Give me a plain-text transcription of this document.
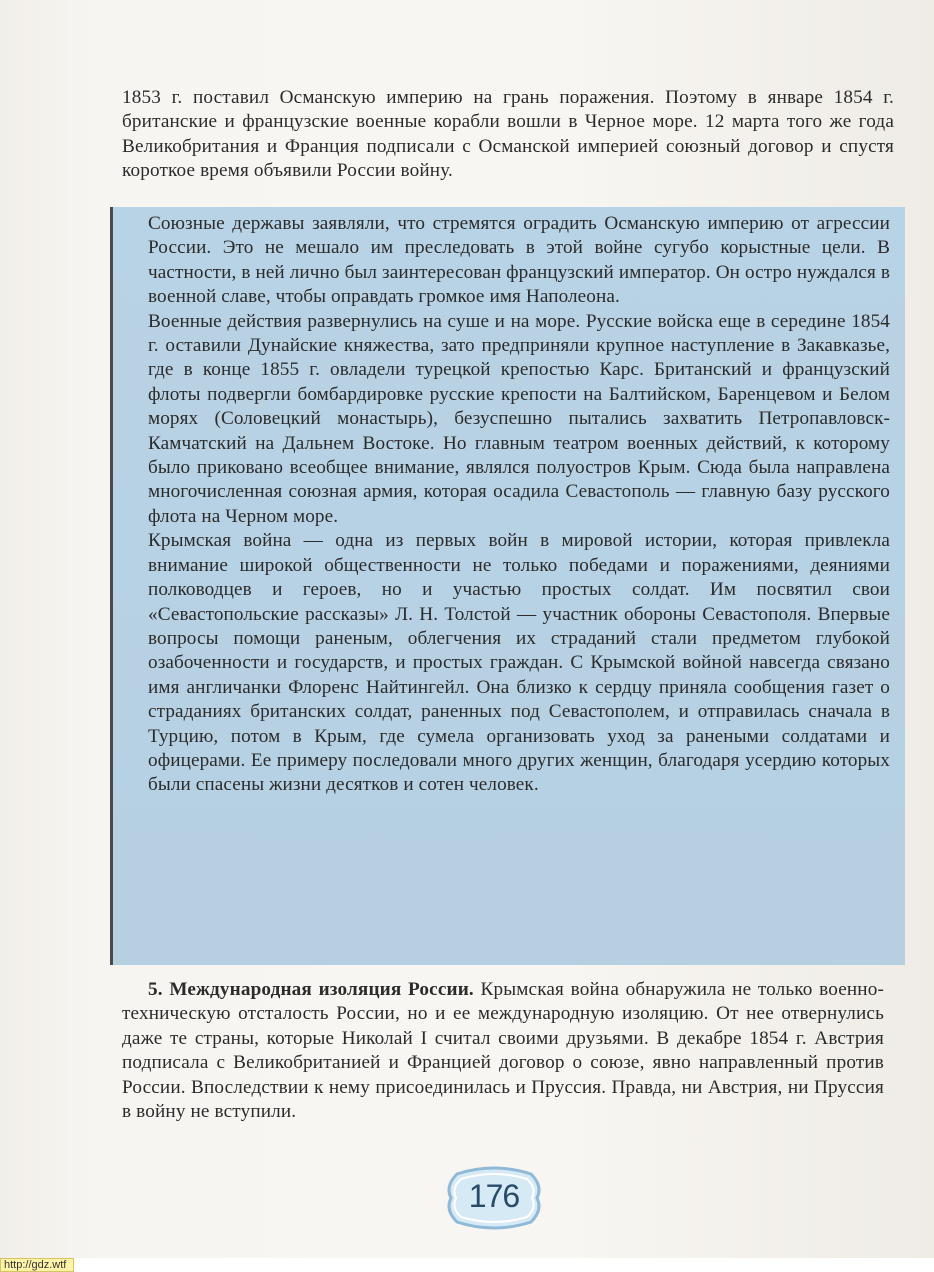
1853 г. поставил Османскую империю на грань поражения. Поэтому в январе 1854 г. британские и французские военные корабли вошли в Черное море. 12 марта того же года Великобритания и Франция подписали с Османской империей союзный договор и спустя короткое время объявили России войну.

Союзные державы заявляли, что стремятся оградить Османскую империю от агрессии России. Это не мешало им преследовать в этой войне сугубо корыстные цели. В частности, в ней лично был заинтересован французский император. Он остро нуждался в военной славе, чтобы оправдать громкое имя Наполеона.

Военные действия развернулись на суше и на море. Русские войска еще в середине 1854 г. оставили Дунайские княжества, зато предприняли крупное наступление в Закавказье, где в конце 1855 г. овладели турецкой крепостью Карс. Британский и французский флоты подвергли бомбардировке русские крепости на Балтийском, Баренцевом и Белом морях (Соловецкий монастырь), безуспешно пытались захватить Петропавловск-Камчатский на Дальнем Востоке. Но главным театром военных действий, к которому было приковано всеобщее внимание, являлся полуостров Крым. Сюда была направлена многочисленная союзная армия, которая осадила Севастополь — главную базу русского флота на Черном море.

Крымская война — одна из первых войн в мировой истории, которая привлекла внимание широкой общественности не только победами и поражениями, деяниями полководцев и героев, но и участью простых солдат. Им посвятил свои «Севастопольские рассказы» Л. Н. Толстой — участник обороны Севастополя. Впервые вопросы помощи раненым, облегчения их страданий стали предметом глубокой озабоченности и государств, и простых граждан. С Крымской войной навсегда связано имя англичанки Флоренс Найтингейл. Она близко к сердцу приняла сообщения газет о страданиях британских солдат, раненных под Севастополем, и отправилась сначала в Турцию, потом в Крым, где сумела организовать уход за ранеными солдатами и офицерами. Ее примеру последовали много других женщин, благодаря усердию которых были спасены жизни десятков и сотен человек.

5. Международная изоляция России. Крымская война обнаружила не только военно-техническую отсталость России, но и ее международную изоляцию. От нее отвернулись даже те страны, которые Николай I считал своими друзьями. В декабре 1854 г. Австрия подписала с Великобританией и Францией договор о союзе, явно направленный против России. Впоследствии к нему присоединилась и Пруссия. Правда, ни Австрия, ни Пруссия в войну не вступили.

176
http://gdz.wtf
